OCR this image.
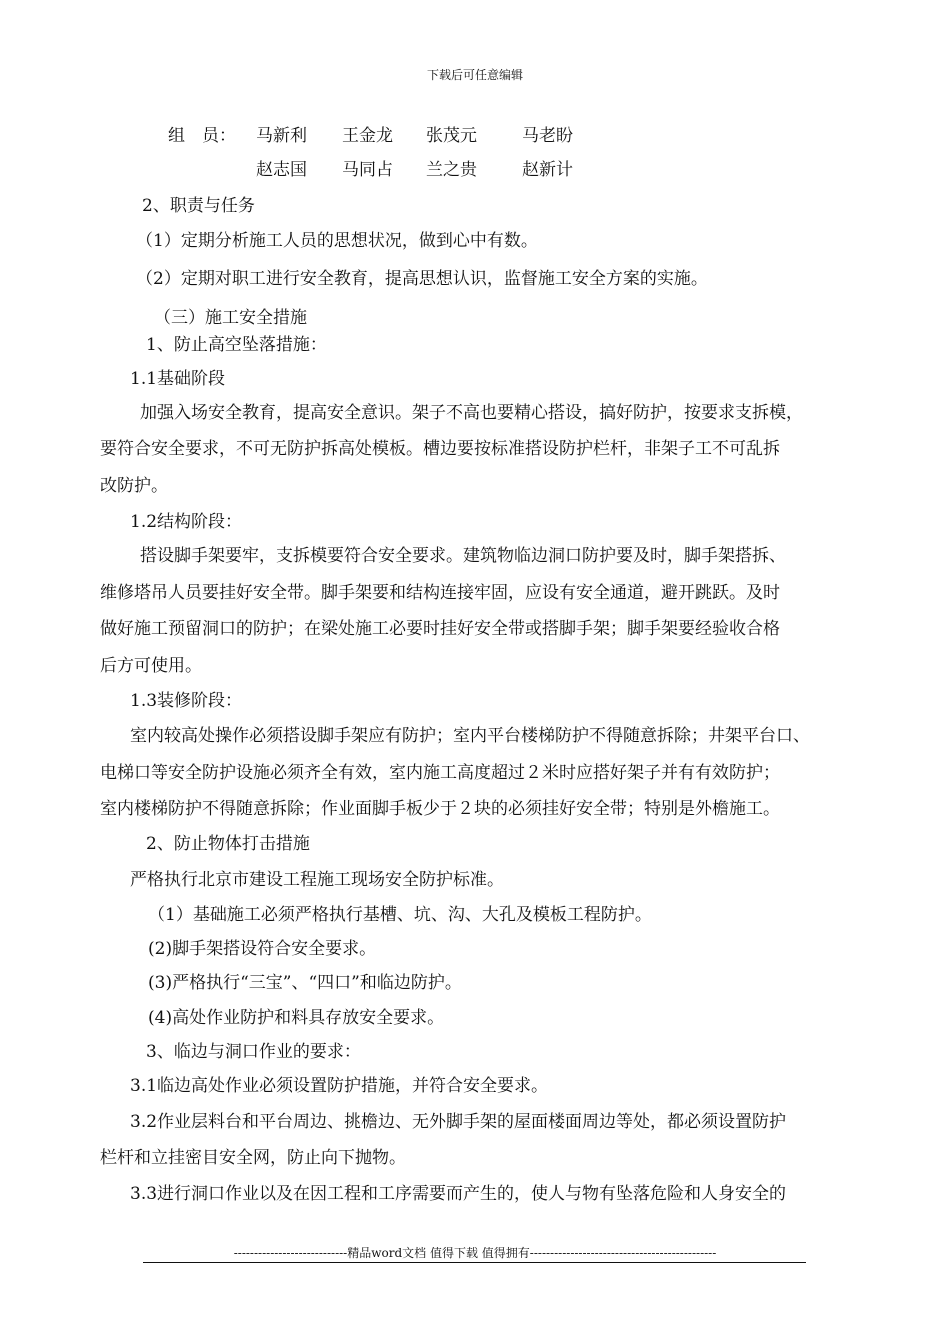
下载后可任意编辑
组　员： 马新利 王金龙 张茂元	马老盼
赵志国 马同占 兰之贵	赵新计
2、职责与任务
（1）定期分析施工人员的思想状况，做到心中有数。
（2）定期对职工进行安全教育，提高思想认识，监督施工安全方案的实施。
（三）施工安全措施
1、防止高空坠落措施：
1.1基础阶段
加强入场安全教育，提高安全意识。架子不高也要精心搭设，搞好防护，按要求支拆模，
要符合安全要求，不可无防护拆高处模板。槽边要按标准搭设防护栏杆，非架子工不可乱拆
改防护。
1.2结构阶段：
搭设脚手架要牢，支拆模要符合安全要求。建筑物临边洞口防护要及时，脚手架搭拆、
维修塔吊人员要挂好安全带。脚手架要和结构连接牢固，应设有安全通道，避开跳跃。及时
做好施工预留洞口的防护；在梁处施工必要时挂好安全带或搭脚手架；脚手架要经验收合格
后方可使用。
1.3装修阶段：
室内较高处操作必须搭设脚手架应有防护；室内平台楼梯防护不得随意拆除；井架平台口、
电梯口等安全防护设施必须齐全有效，室内施工高度超过２米时应搭好架子并有有效防护；
室内楼梯防护不得随意拆除；作业面脚手板少于２块的必须挂好安全带；特别是外檐施工。
2、防止物体打击措施
严格执行北京市建设工程施工现场安全防护标准。
（1）基础施工必须严格执行基槽、坑、沟、大孔及模板工程防护。
(2)脚手架搭设符合安全要求。
(3)严格执行“三宝”、“四口”和临边防护。
(4)高处作业防护和料具存放安全要求。
3、临边与洞口作业的要求：
3.1临边高处作业必须设置防护措施，并符合安全要求。
3.2作业层料台和平台周边、挑檐边、无外脚手架的屋面楼面周边等处，都必须设置防护
栏杆和立挂密目安全网，防止向下抛物。
3.3进行洞口作业以及在因工程和工序需要而产生的，使人与物有坠落危险和人身安全的
----------------------------精品word文档 值得下载 值得拥有----------------------------------------------
